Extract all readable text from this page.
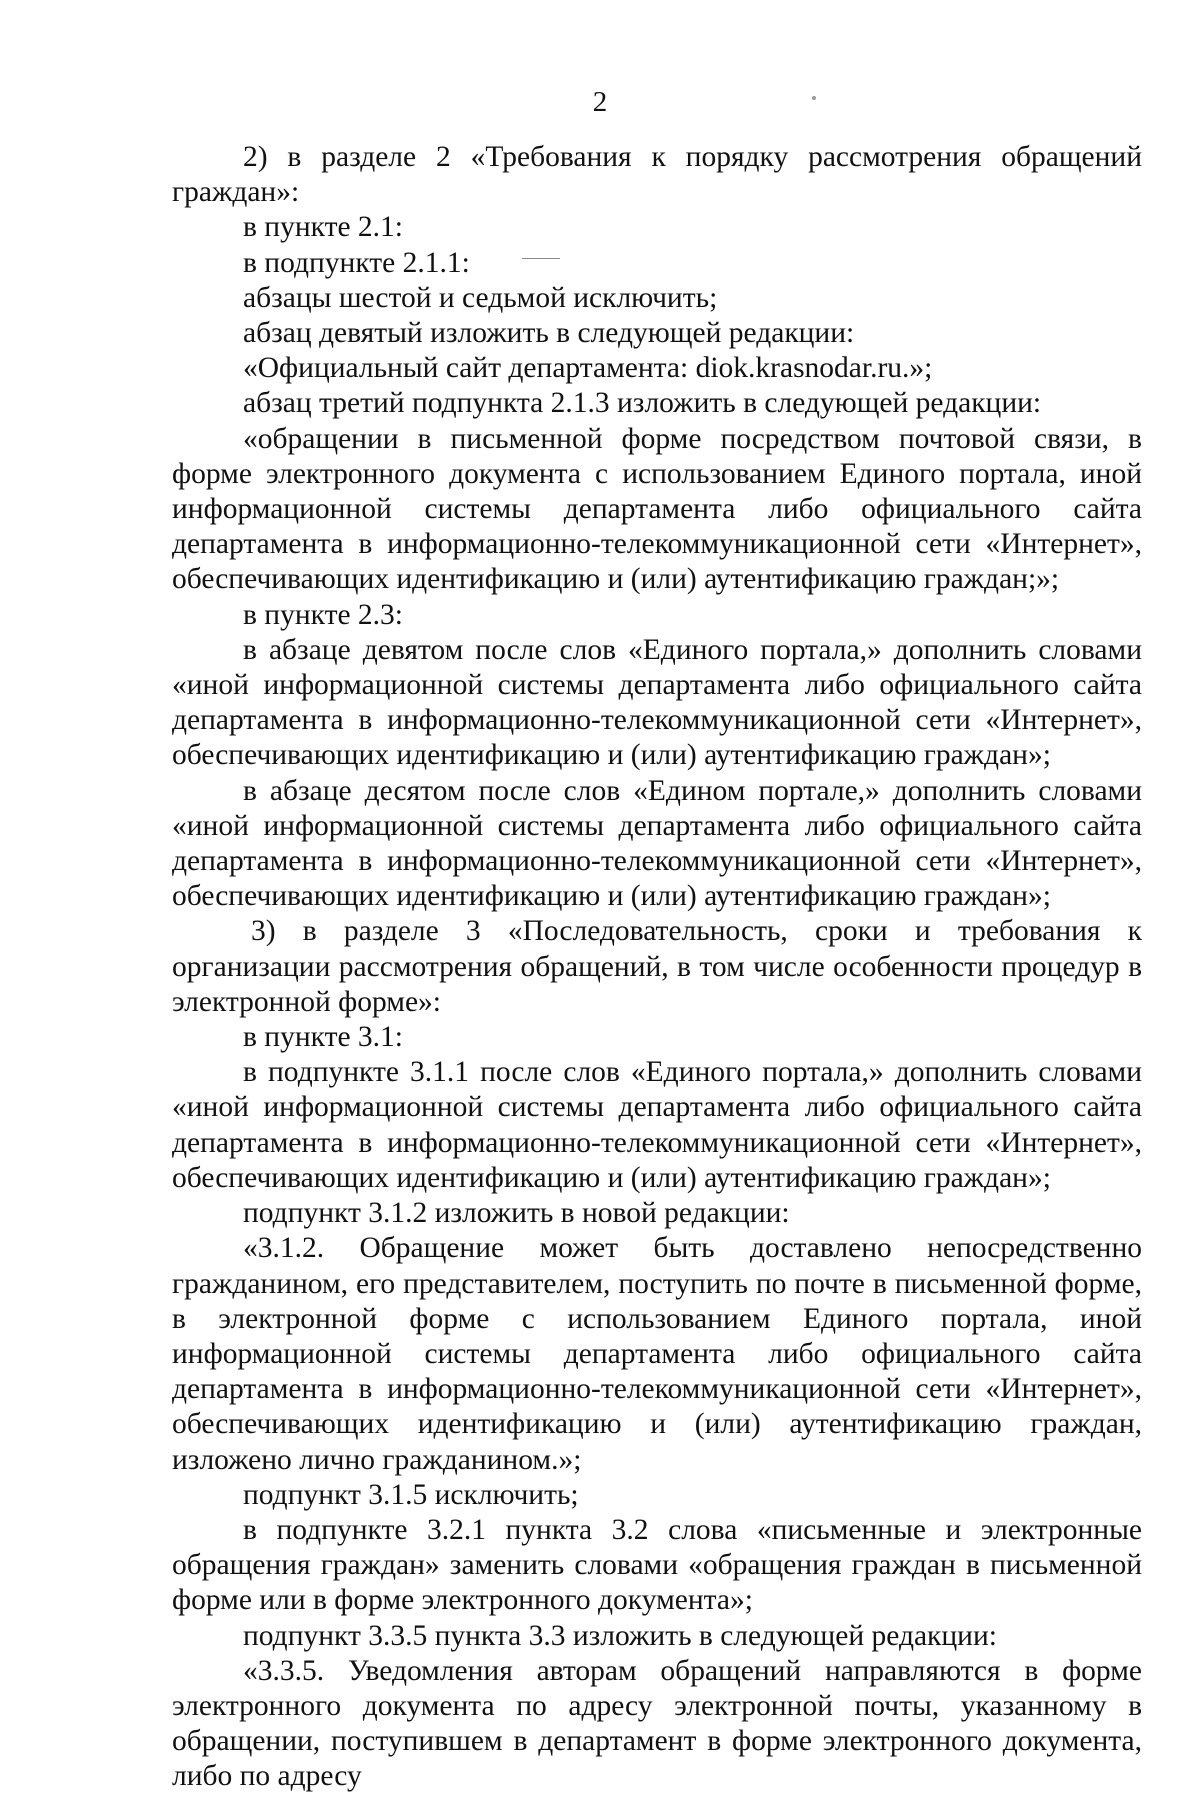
2

2) в разделе 2 «Требования к порядку рассмотрения обращений граждан»:

в пункте 2.1:

в подпункте 2.1.1:

абзацы шестой и седьмой исключить;

абзац девятый изложить в следующей редакции:

«Официальный сайт департамента: diok.krasnodar.ru.»;

абзац третий подпункта 2.1.3 изложить в следующей редакции:

«обращении в письменной форме посредством почтовой связи, в форме электронного документа с использованием Единого портала, иной информационной системы департамента либо официального сайта департамента в информационно-телекоммуникационной сети «Интернет», обеспечивающих идентификацию и (или) аутентификацию граждан;»;

в пункте 2.3:

в абзаце девятом после слов «Единого портала,» дополнить словами «иной информационной системы департамента либо официального сайта департамента в информационно-телекоммуникационной сети «Интернет», обеспечивающих идентификацию и (или) аутентификацию граждан»;

в абзаце десятом после слов «Едином портале,» дополнить словами «иной информационной системы департамента либо официального сайта департамента в информационно-телекоммуникационной сети «Интернет», обеспечивающих идентификацию и (или) аутентификацию граждан»;

3) в разделе 3 «Последовательность, сроки и требования к организации рассмотрения обращений, в том числе особенности процедур в электронной форме»:

в пункте 3.1:

в подпункте 3.1.1 после слов «Единого портала,» дополнить словами «иной информационной системы департамента либо официального сайта департамента в информационно-телекоммуникационной сети «Интернет», обеспечивающих идентификацию и (или) аутентификацию граждан»;

подпункт 3.1.2 изложить в новой редакции:

«3.1.2. Обращение может быть доставлено непосредственно гражданином, его представителем, поступить по почте в письменной форме, в электронной форме с использованием Единого портала, иной информационной системы департамента либо официального сайта департамента в информационно-телекоммуникационной сети «Интернет», обеспечивающих идентификацию и (или) аутентификацию граждан, изложено лично гражданином.»;

подпункт 3.1.5 исключить;

в подпункте 3.2.1 пункта 3.2 слова «письменные и электронные обращения граждан» заменить словами «обращения граждан в письменной форме или в форме электронного документа»;

подпункт 3.3.5 пункта 3.3 изложить в следующей редакции:

«3.3.5. Уведомления авторам обращений направляются в форме электронного документа по адресу электронной почты, указанному в обращении, поступившем в департамент в форме электронного документа, либо по адресу
